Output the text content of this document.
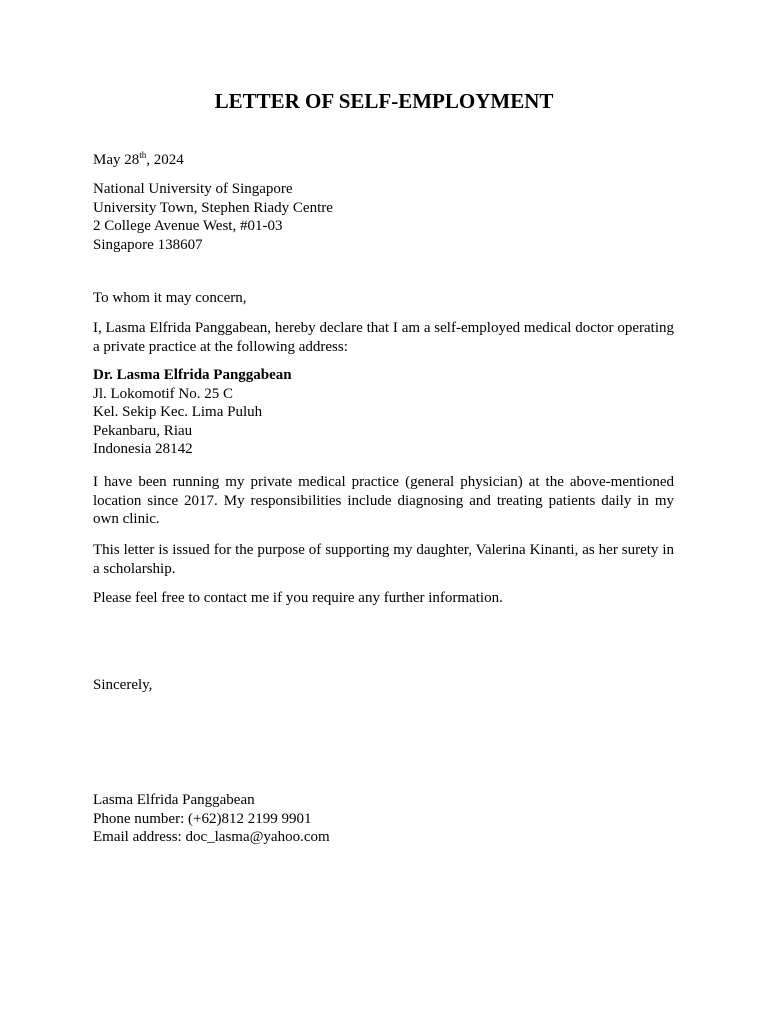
LETTER OF SELF-EMPLOYMENT

May 28th, 2024

National University of Singapore
University Town, Stephen Riady Centre
2 College Avenue West, #01-03
Singapore 138607

To whom it may concern,

I, Lasma Elfrida Panggabean, hereby declare that I am a self-employed medical doctor operating a private practice at the following address:

Dr. Lasma Elfrida Panggabean
Jl. Lokomotif No. 25 C
Kel. Sekip Kec. Lima Puluh
Pekanbaru, Riau
Indonesia 28142

I have been running my private medical practice (general physician) at the above-mentioned location since 2017. My responsibilities include diagnosing and treating patients daily in my own clinic.

This letter is issued for the purpose of supporting my daughter, Valerina Kinanti, as her surety in a scholarship.

Please feel free to contact me if you require any further information.

Sincerely,

Lasma Elfrida Panggabean
Phone number: (+62)812 2199 9901
Email address: doc_lasma@yahoo.com
